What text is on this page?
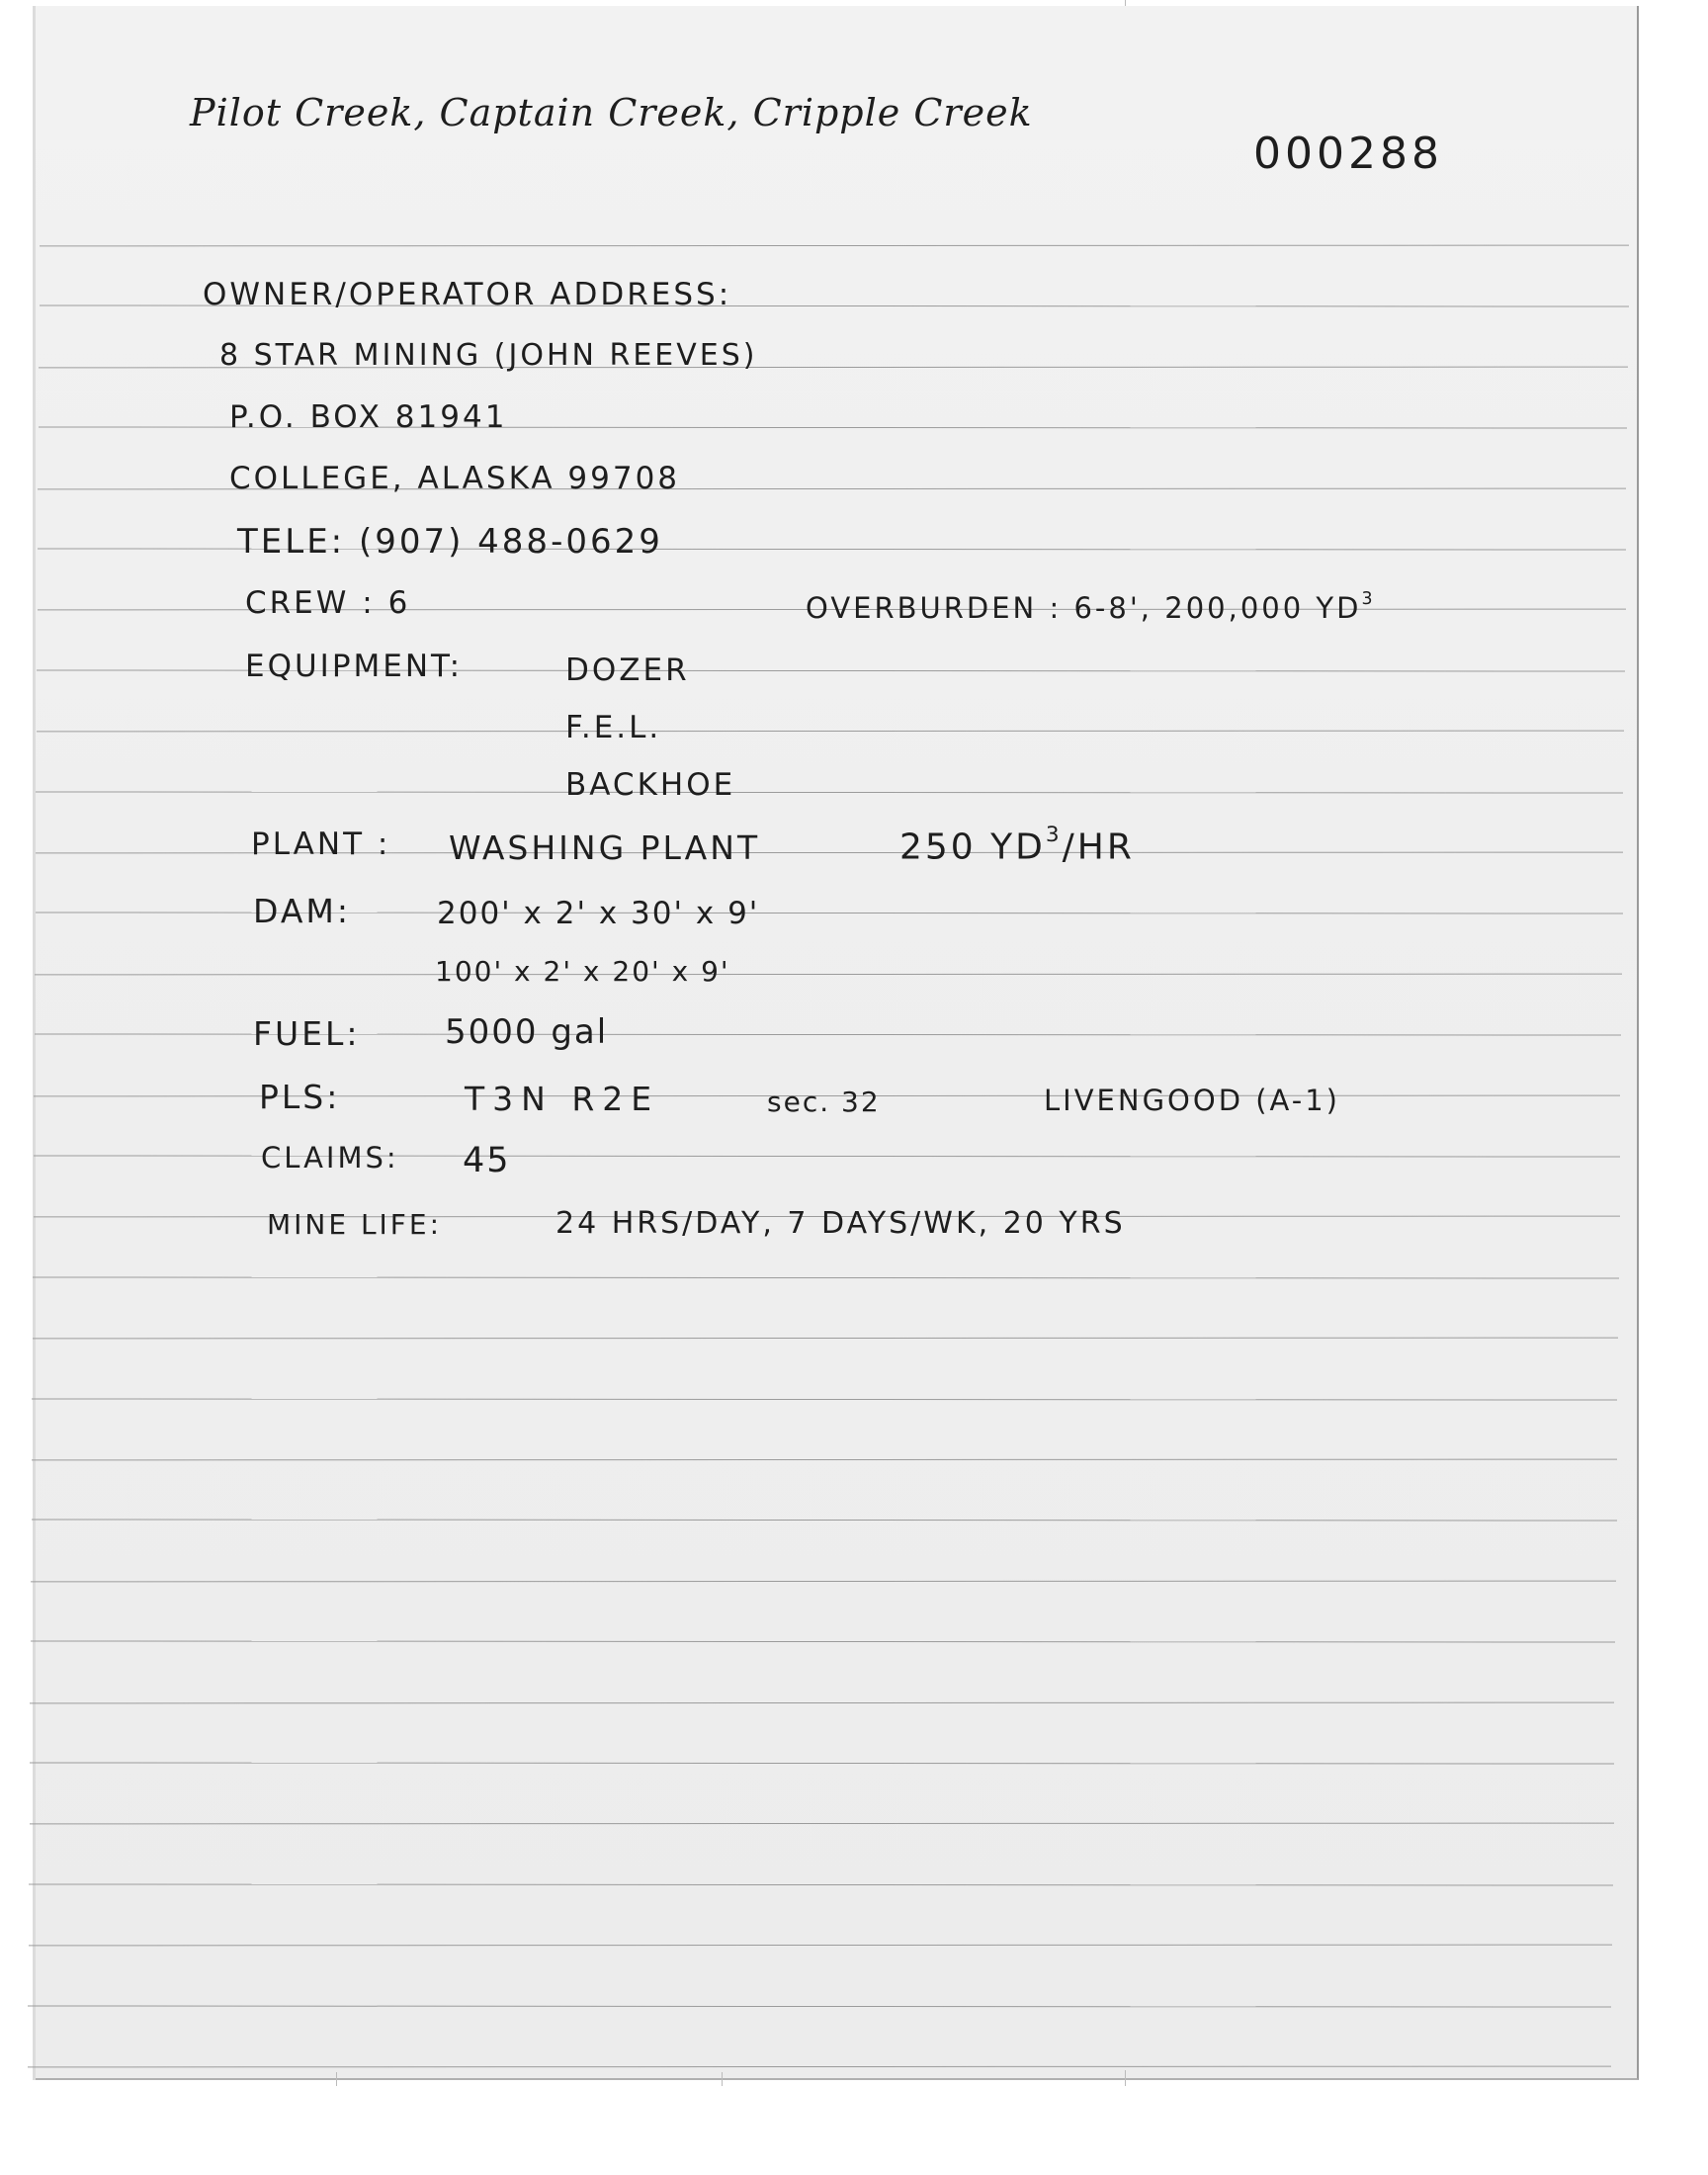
Pilot Creek, Captain Creek, Cripple Creek
000288
OWNER/OPERATOR ADDRESS:
8 STAR MINING (JOHN REEVES)
P.O. BOX 81941
COLLEGE, ALASKA 99708
TELE: (907) 488-0629
CREW : 6	OVERBURDEN : 6-8', 200,000 $YD^3$
EQUIPMENT:	DOZER
F.E.L.
BACKHOE
PLANT : WASHING PLANT	250 $YD^3/HR$
DAM:	200' x 2' x 30' x 9'
100' x 2' x 20' x 9'
FUEL:	5000 gal
PLS:	T3N R2E	sec. 32	LIVENGOOD (A-1)
CLAIMS: 45
MINE LIFE:	24 HRS/DAY, 7 DAYS/WK, 20 YRS
